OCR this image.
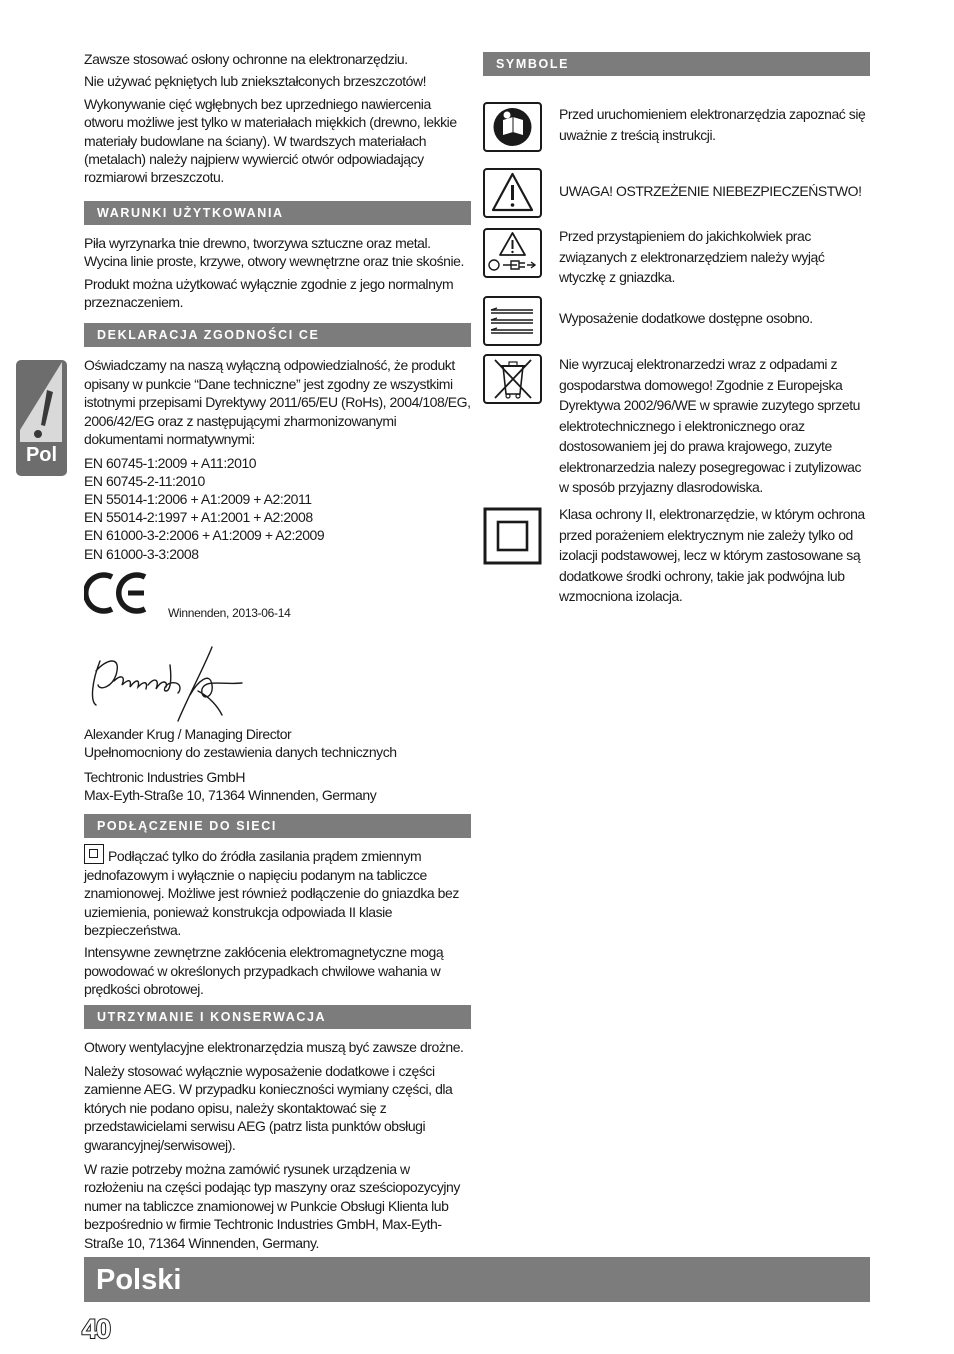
Zawsze stosować osłony ochronne na elektronarzędziu.

Nie używać pękniętych lub zniekształconych brzeszczotów!

Wykonywanie cięć wgłębnych bez uprzedniego nawiercenia otworu możliwe jest tylko w materiałach miękkich (drewno, lekkie materiały budowlane na ściany). W twardszych materiałach (metalach) należy najpierw wywiercić otwór odpowiadający rozmiarowi brzeszczotu.

WARUNKI UŻYTKOWANIA

Piła wyrzynarka tnie drewno, tworzywa sztuczne oraz metal. Wycina linie proste, krzywe, otwory wewnętrzne oraz tnie skośnie.

Produkt można użytkować wyłącznie zgodnie z jego normalnym przeznaczeniem.

DEKLARACJA ZGODNOŚCI CE

Oświadczamy na naszą wyłączną odpowiedzialność, że produkt opisany w punkcie “Dane techniczne” jest zgodny ze wszystkimi istotnymi przepisami Dyrektywy 2011/65/EU (RoHs), 2004/108/EG, 2006/42/EG oraz z następującymi zharmonizowanymi dokumentami normatywnymi:

EN 60745-1:2009 + A11:2010
EN 60745-2-11:2010
EN 55014-1:2006 + A1:2009 + A2:2011
EN 55014-2:1997 + A1:2001 + A2:2008
EN 61000-3-2:2006 + A1:2009 + A2:2009
EN 61000-3-3:2008
Winnenden, 2013-06-14

Alexander Krug / Managing Director

Upełnomocniony do zestawienia danych technicznych

Techtronic Industries GmbH

Max-Eyth-Straße 10, 71364 Winnenden, Germany

PODŁĄCZENIE DO SIECI

Podłączać tylko do źródła zasilania prądem zmiennym jednofazowym i wyłącznie o napięciu podanym na tabliczce znamionowej. Możliwe jest również podłączenie do gniazdka bez uziemienia, ponieważ konstrukcja odpowiada II klasie bezpieczeństwa.

Intensywne zewnętrzne zakłócenia elektromagnetyczne mogą powodować w określonych przypadkach chwilowe wahania w prędkości obrotowej.

UTRZYMANIE I KONSERWACJA

Otwory wentylacyjne elektronarzędzia muszą być zawsze drożne.

Należy stosować wyłącznie wyposażenie dodatkowe i części zamienne AEG. W przypadku konieczności wymiany części, dla których nie podano opisu, należy skontaktować się z przedstawicielami serwisu AEG (patrz lista punktów obsługi gwarancyjnej/serwisowej).

W razie potrzeby można zamówić rysunek urządzenia w rozłożeniu na części podając typ maszyny oraz sześciopozycyjny numer na tabliczce znamionowej w Punkcie Obsługi Klienta lub bezpośrednio w firmie Techtronic Industries GmbH, Max-Eyth-Straße 10, 71364 Winnenden, Germany.

SYMBOLE
Przed uruchomieniem elektronarzędzia zapoznać się uważnie z treścią instrukcji.
UWAGA! OSTRZEŻENIE NIEBEZPIECZEŃSTWO!
Przed przystąpieniem do jakichkolwiek prac związanych z elektronarzędziem należy wyjąć wtyczkę z gniazdka.
Wyposażenie dodatkowe dostępne osobno.
Nie wyrzucaj elektronarzedzi wraz z odpadami z gospodarstwa domowego! Zgodnie z Europejska Dyrektywa 2002/96/WE w sprawie zuzytego sprzetu elektrotechnicznego i elektronicznego oraz dostosowaniem jej do prawa krajowego, zuzyte elektronarzedzia nalezy posegregowac i zutylizowac w sposób przyjazny dlasrodowiska.
Klasa ochrony II, elektronarzędzie, w którym ochrona przed porażeniem elektrycznym nie zależy tylko od izolacji podstawowej, lecz w którym zastosowane są dodatkowe środki ochrony, takie jak podwójna lub wzmocniona izolacja.
Pol
Polski
40
